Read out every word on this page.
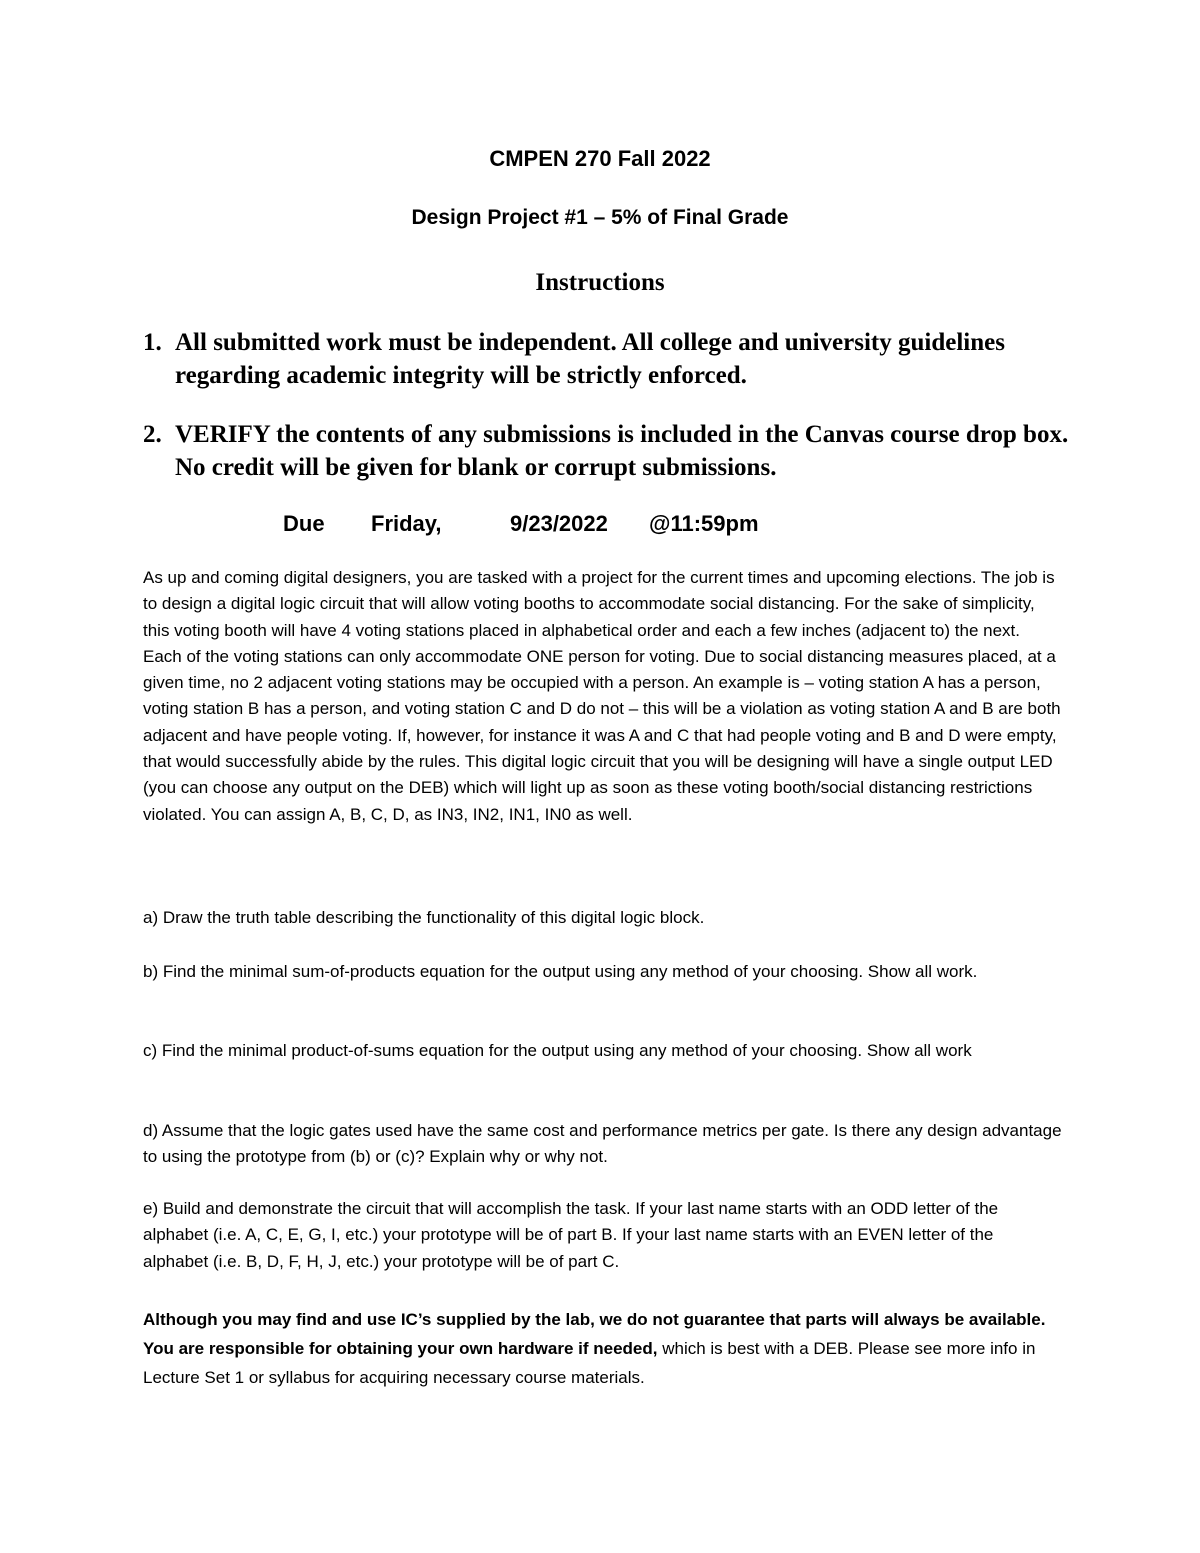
CMPEN 270 Fall 2022
Design Project #1 – 5% of Final Grade
Instructions
1. All submitted work must be independent. All college and university guidelines regarding academic integrity will be strictly enforced.
2. VERIFY the contents of any submissions is included in the Canvas course drop box. No credit will be given for blank or corrupt submissions.
Due Friday,	9/23/2022 @11:59pm
As up and coming digital designers, you are tasked with a project for the current times and upcoming elections. The job is to design a digital logic circuit that will allow voting booths to accommodate social distancing. For the sake of simplicity, this voting booth will have 4 voting stations placed in alphabetical order and each a few inches (adjacent to) the next. Each of the voting stations can only accommodate ONE person for voting. Due to social distancing measures placed, at a given time, no 2 adjacent voting stations may be occupied with a person. An example is – voting station A has a person, voting station B has a person, and voting station C and D do not – this will be a violation as voting station A and B are both adjacent and have people voting. If, however, for instance it was A and C that had people voting and B and D were empty, that would successfully abide by the rules. This digital logic circuit that you will be designing will have a single output LED (you can choose any output on the DEB) which will light up as soon as these voting booth/social distancing restrictions violated. You can assign A, B, C, D, as IN3, IN2, IN1, IN0 as well.
a) Draw the truth table describing the functionality of this digital logic block.
b) Find the minimal sum-of-products equation for the output using any method of your choosing. Show all work.
c) Find the minimal product-of-sums equation for the output using any method of your choosing. Show all work
d) Assume that the logic gates used have the same cost and performance metrics per gate. Is there any design advantage to using the prototype from (b) or (c)? Explain why or why not.
e) Build and demonstrate the circuit that will accomplish the task. If your last name starts with an ODD letter of the alphabet (i.e. A, C, E, G, I, etc.) your prototype will be of part B. If your last name starts with an EVEN letter of the alphabet (i.e. B, D, F, H, J, etc.) your prototype will be of part C.
Although you may find and use IC’s supplied by the lab, we do not guarantee that parts will always be available. You are responsible for obtaining your own hardware if needed, which is best with a DEB. Please see more info in Lecture Set 1 or syllabus for acquiring necessary course materials.
